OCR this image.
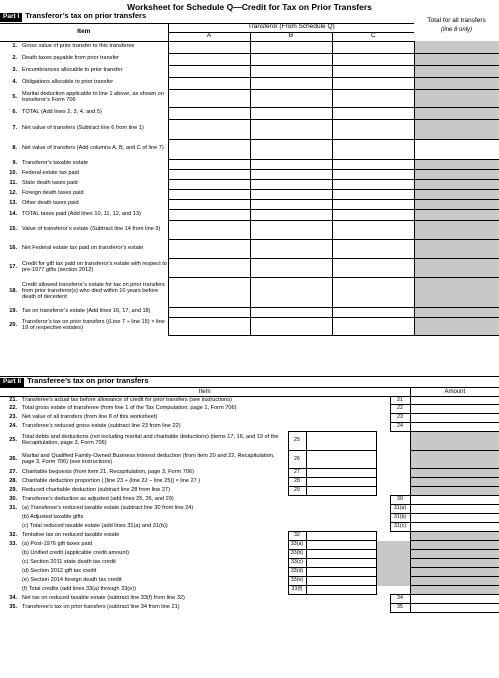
Worksheet for Schedule Q—Credit for Tax on Prior Transfers
Part I Transferor’s tax on prior transfers					Total for all transfers
(line 8 only)

Item		Transferor (From Schedule Q)			
		A	B	C	
1.	Gross value of prior transfer to this transferee				
2.	Death taxes payable from prior transfer				
3.	Encumbrances allocable to prior transfer				
4.	Obligations allocable to prior transfer				
5.	Marital deduction applicable to line 1 above, as shown on transferor’s Form 706				
6.	TOTAL (Add lines 2, 3, 4, and 5)				
7.	Net value of transfers (Subtract line 6 from line 1)				
8.	Net value of transfers (Add columns A, B, and C of line 7)				
9.	Transferor’s taxable estate				
10.	Federal estate tax paid				
11.	State death taxes paid				
12.	Foreign death taxes paid				
13.	Other death taxes paid				
14.	TOTAL taxes paid (Add lines 10, 11, 12, and 13)				
15.	Value of transferor’s estate (Subtract line 14 from line 9)				
16.	Net Federal estate tax paid on transferor’s estate				
17.	Credit for gift tax paid on transferor’s estate with respect to pre-1977 gifts (section 2012)				
18.	Credit allowed transferor’s estate for tax on prior transfers from prior transferor(s) who died within 10 years before death of decedent				
19.	Tax on transferor’s estate (Add lines 16, 17, and 18)				
20.	Transferor’s tax on prior transfers ((Line 7 ÷ line 15) × line 19 of respective estates)				
Part II Transferee’s tax on prior transfers						
Item						Amount
21.	Transferee’s actual tax before allowance of credit for prior transfers (see instructions)				21	
22.	Total gross estate of transferee (from line 1 of the Tax Computation, page 1, Form 706)				22	
23.	Net value of all transfers (from line 8 of this worksheet)				23	
24.	Transferee’s reduced gross estate (subtract line 23 from line 22)				24	
25.	Total debts and deductions (not including marital and charitable deductions) (items 17, 16, and 19 of the Recapitulation, page 3, Form 706)	25				
26.	Marital and Qualified Family-Owned Business Interest deduction (from item 20 and 22, Recapitulation, page 3, Form 706) (see instructions)	26				
27.	Charitable bequests (from item 21, Recapitulation, page 3, Form 706)	27				
28.	Charitable deduction proportion ( [line 23 ÷ (line 22 − line 25)] × line 27 )	28				
29.	Reduced charitable deduction (subtract line 28 from line 27)	29				
30.	Transferee’s deduction as adjusted (add lines 25, 26, and 29)				30	
31.	(a) Transferee’s reduced taxable estate (subtract line 30 from line 24)				31(a)	
	(b) Adjusted taxable gifts				31(b)	
	(c) Total reduced taxable estate (add lines 31(a) and 31(b))				31(c)	
32.	Tentative tax on reduced taxable estate	32				
33.	(a) Post-1976 gift taxes paid	33(a)				
	(b) Unified credit (applicable credit amount)	33(b)				
	(c) Section 2011 state death tax credit	33(c)				
	(d) Section 2012 gift tax credit	33(d)				
	(e) Section 2014 foreign death tax credit	33(e)				
	(f) Total credits (add lines 33(a) through 33(e))	33(f)				
34.	Net tax on reduced taxable estate (subtract line 33(f) from line 32)				34	
35.	Transferee’s tax on prior transfers (subtract line 34 from line 21)				35	
